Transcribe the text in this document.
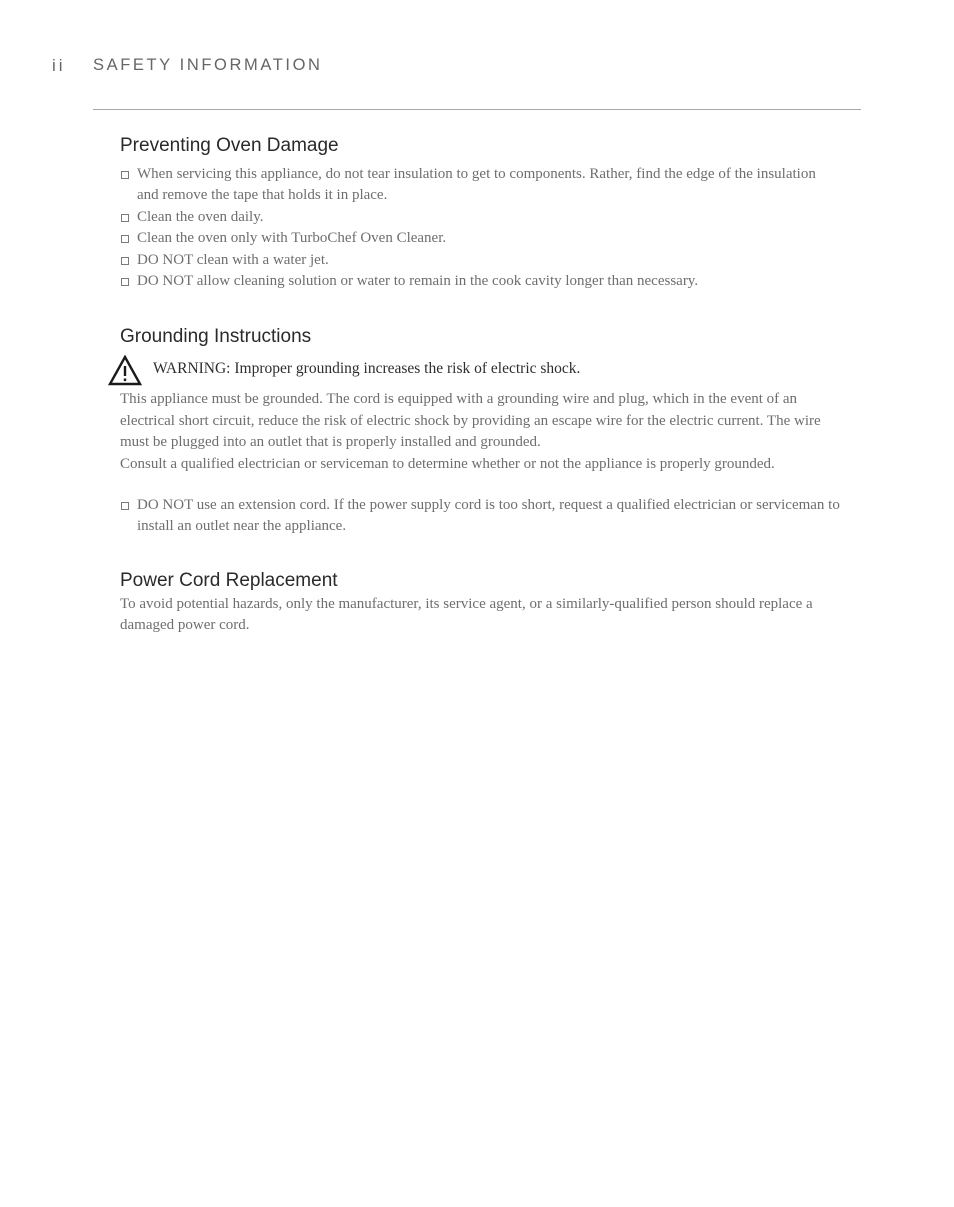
ii SAFETY INFORMATION
Preventing Oven Damage
When servicing this appliance, do not tear insulation to get to components. Rather, find the edge of the insulation and remove the tape that holds it in place.
Clean the oven daily.
Clean the oven only with TurboChef Oven Cleaner.
DO NOT clean with a water jet.
DO NOT allow cleaning solution or water to remain in the cook cavity longer than necessary.
Grounding Instructions
WARNING: Improper grounding increases the risk of electric shock.

This appliance must be grounded. The cord is equipped with a grounding wire and plug, which in the event of an electrical short circuit, reduce the risk of electric shock by providing an escape wire for the electric current. The wire must be plugged into an outlet that is properly installed and grounded.

Consult a qualified electrician or serviceman to determine whether or not the appliance is properly grounded.

DO NOT use an extension cord. If the power supply cord is too short, request a qualified electrician or serviceman to install an outlet near the appliance.
Power Cord Replacement

To avoid potential hazards, only the manufacturer, its service agent, or a similarly-qualified person should replace a damaged power cord.
